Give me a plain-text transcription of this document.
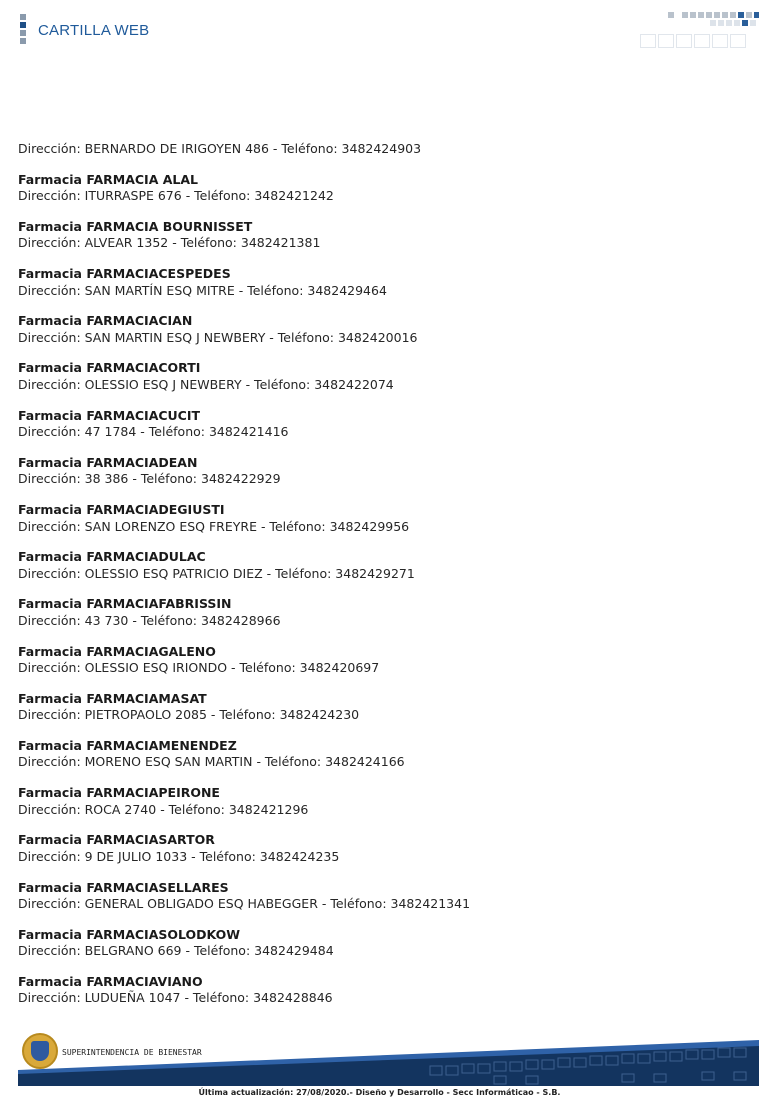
CARTILLA WEB
Dirección: BERNARDO DE IRIGOYEN 486 - Teléfono: 3482424903
Farmacia FARMACIA ALAL
Dirección: ITURRASPE 676 - Teléfono: 3482421242
Farmacia FARMACIA BOURNISSET
Dirección: ALVEAR 1352 - Teléfono: 3482421381
Farmacia FARMACIACESPEDES
Dirección: SAN MARTÍN ESQ MITRE - Teléfono: 3482429464
Farmacia FARMACIACIAN
Dirección: SAN MARTIN ESQ J NEWBERY - Teléfono: 3482420016
Farmacia FARMACIACORTI
Dirección: OLESSIO ESQ J NEWBERY - Teléfono: 3482422074
Farmacia FARMACIACUCIT
Dirección: 47 1784 - Teléfono: 3482421416
Farmacia FARMACIADEAN
Dirección: 38 386 - Teléfono: 3482422929
Farmacia FARMACIADEGIUSTI
Dirección: SAN LORENZO ESQ FREYRE - Teléfono: 3482429956
Farmacia FARMACIADULAC
Dirección: OLESSIO ESQ PATRICIO DIEZ - Teléfono: 3482429271
Farmacia FARMACIAFABRISSIN
Dirección: 43 730 - Teléfono: 3482428966
Farmacia FARMACIAGALENO
Dirección: OLESSIO ESQ IRIONDO - Teléfono: 3482420697
Farmacia FARMACIAMASAT
Dirección: PIETROPAOLO 2085 - Teléfono: 3482424230
Farmacia FARMACIAMENENDEZ
Dirección: MORENO ESQ SAN MARTIN - Teléfono: 3482424166
Farmacia FARMACIAPEIRONE
Dirección: ROCA 2740 - Teléfono: 3482421296
Farmacia FARMACIASARTOR
Dirección: 9 DE JULIO 1033 - Teléfono: 3482424235
Farmacia FARMACIASELLARES
Dirección: GENERAL OBLIGADO ESQ HABEGGER - Teléfono: 3482421341
Farmacia FARMACIASOLODKOW
Dirección: BELGRANO 669 - Teléfono: 3482429484
Farmacia FARMACIAVIANO
Dirección: LUDUEÑA 1047 - Teléfono: 3482428846
SUPERINTENDENCIA DE BIENESTAR
Última actualización: 27/08/2020.- Diseño y Desarrollo - Secc Informáticao - S.B.
